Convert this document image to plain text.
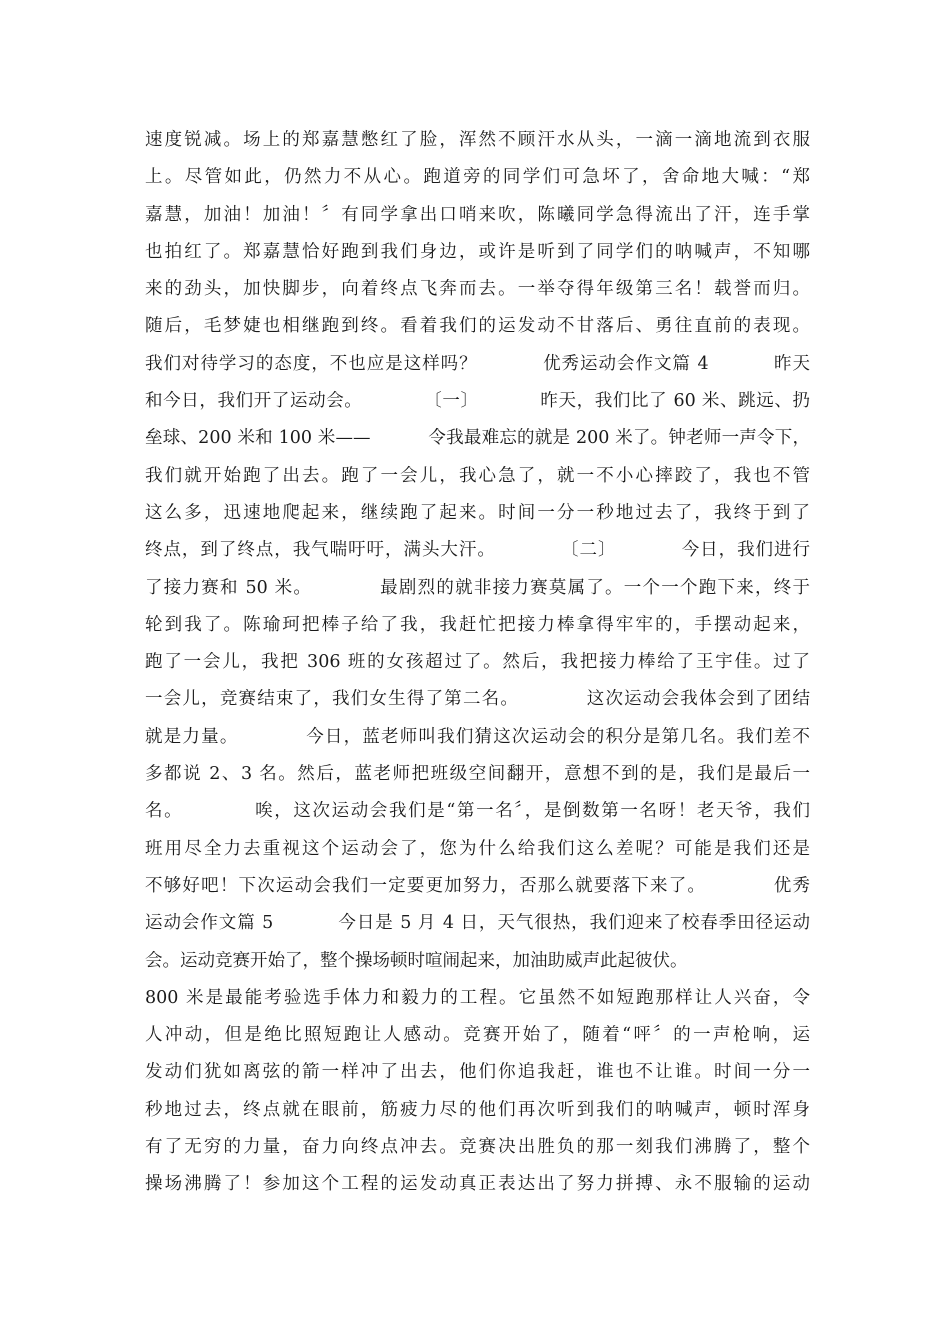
速度锐减。场上的郑嘉慧憋红了脸，浑然不顾汗水从头，一滴一滴地流到衣服
上。尽管如此，仍然力不从心。跑道旁的同学们可急坏了，舍命地大喊：“郑
嘉慧，加油！加油！〞有同学拿出口哨来吹，陈曦同学急得流出了汗，连手掌
也拍红了。郑嘉慧恰好跑到我们身边，或许是听到了同学们的呐喊声，不知哪
来的劲头，加快脚步，向着终点飞奔而去。一举夺得年级第三名！载誉而归。
随后，毛梦婕也相继跑到终。看着我们的运发动不甘落后、勇往直前的表现。
我们对待学习的态度，不也应是这样吗？          优秀运动会作文篇 4          昨天
和今日，我们开了运动会。          〔一〕          昨天，我们比了 60 米、跳远、扔
垒球、200 米和 100 米——          令我最难忘的就是 200 米了。钟老师一声令下，
我们就开始跑了出去。跑了一会儿，我心急了，就一不小心摔跤了，我也不管
这么多，迅速地爬起来，继续跑了起来。时间一分一秒地过去了，我终于到了
终点，到了终点，我气喘吁吁，满头大汗。          〔二〕          今日，我们进行
了接力赛和 50 米。          最剧烈的就非接力赛莫属了。一个一个跑下来，终于
轮到我了。陈瑜珂把棒子给了我，我赶忙把接力棒拿得牢牢的，手摆动起来，
跑了一会儿，我把 306 班的女孩超过了。然后，我把接力棒给了王宇佳。过了
一会儿，竞赛结束了，我们女生得了第二名。          这次运动会我体会到了团结
就是力量。          今日，蓝老师叫我们猜这次运动会的积分是第几名。我们差不
多都说 2、3 名。然后，蓝老师把班级空间翻开，意想不到的是，我们是最后一
名。          唉，这次运动会我们是“第一名〞，是倒数第一名呀！老天爷，我们
班用尽全力去重视这个运动会了，您为什么给我们这么差呢？可能是我们还是
不够好吧！下次运动会我们一定要更加努力，否那么就要落下来了。          优秀
运动会作文篇 5          今日是 5 月 4 日，天气很热，我们迎来了校春季田径运动
会。运动竞赛开始了，整个操场顿时喧闹起来，加油助威声此起彼伏。
800 米是最能考验选手体力和毅力的工程。它虽然不如短跑那样让人兴奋，令
人冲动，但是绝比照短跑让人感动。竞赛开始了，随着“呯〞的一声枪响，运
发动们犹如离弦的箭一样冲了出去，他们你追我赶，谁也不让谁。时间一分一
秒地过去，终点就在眼前，筋疲力尽的他们再次听到我们的呐喊声，顿时浑身
有了无穷的力量，奋力向终点冲去。竞赛决出胜负的那一刻我们沸腾了，整个
操场沸腾了！参加这个工程的运发动真正表达出了努力拼搏、永不服输的运动
